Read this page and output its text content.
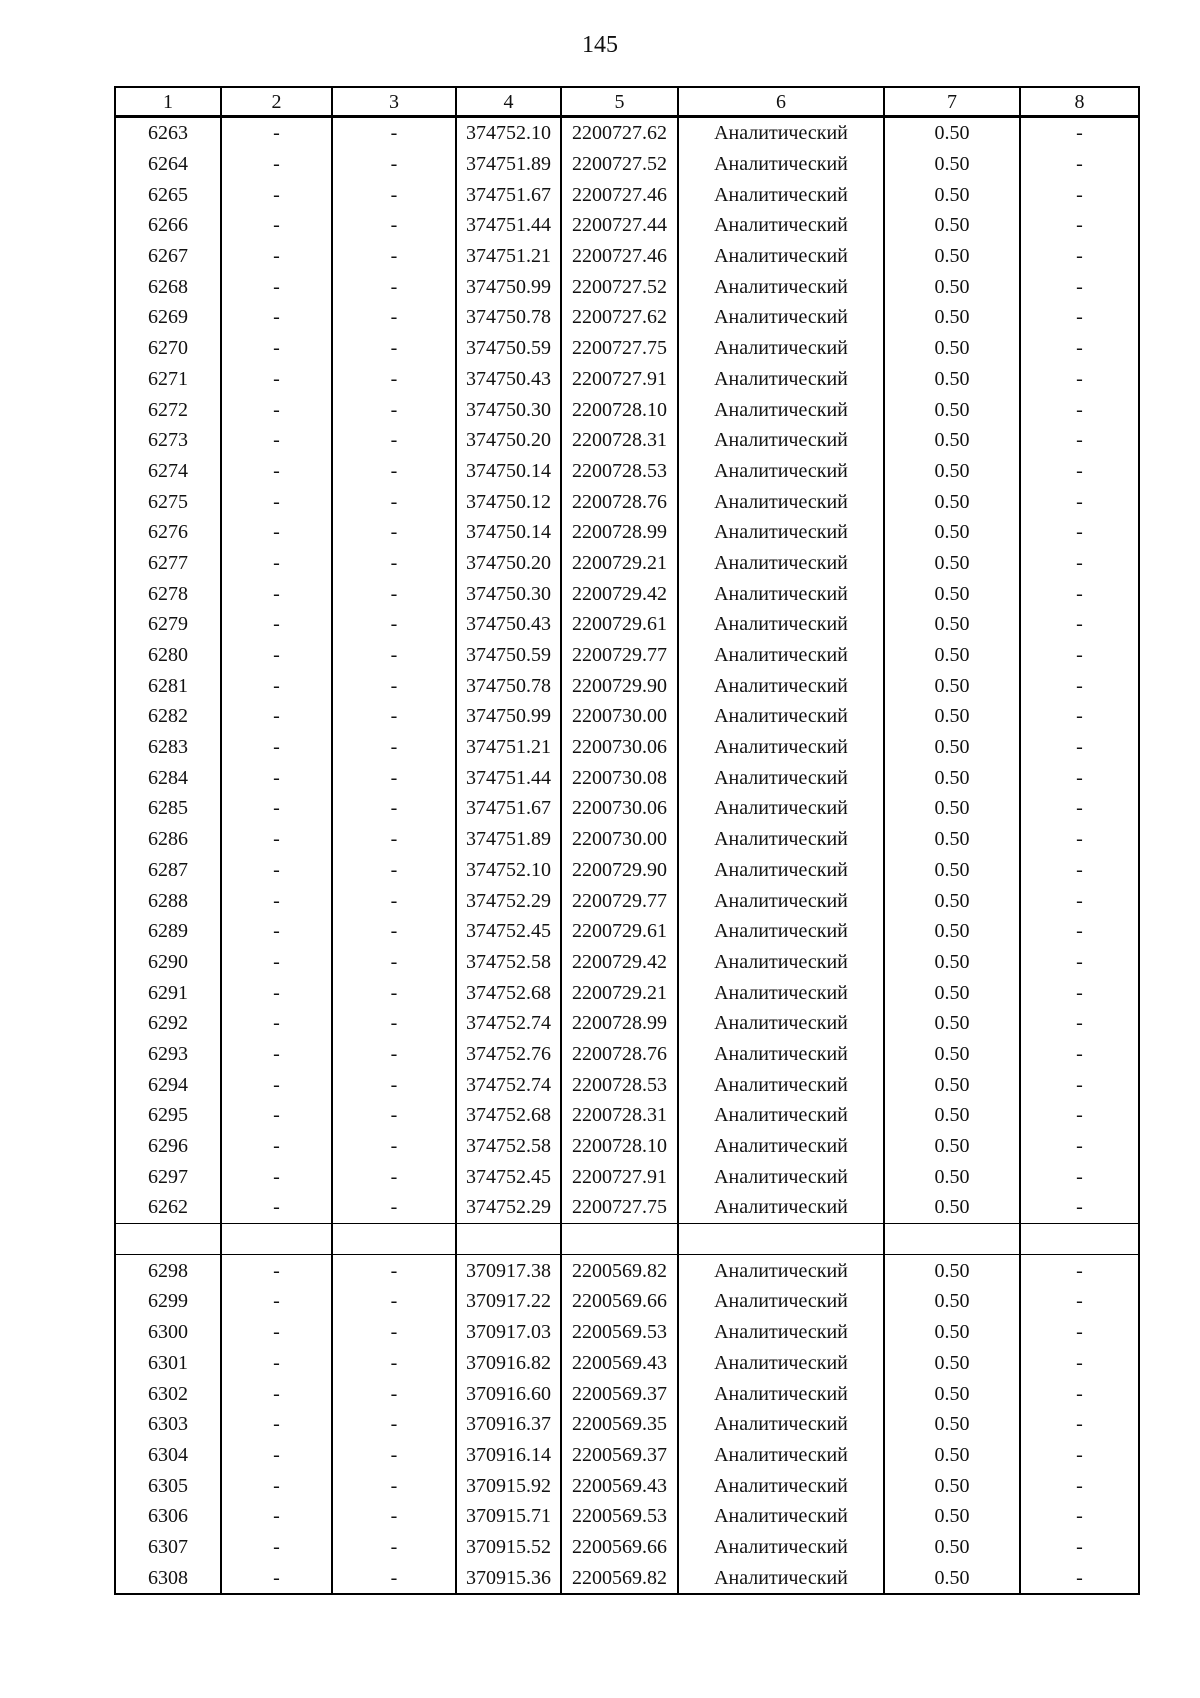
145
1	2	3	4	5	6	7	8
6263	-	-	374752.10	2200727.62	Аналитический	0.50	-
6264	-	-	374751.89	2200727.52	Аналитический	0.50	-
6265	-	-	374751.67	2200727.46	Аналитический	0.50	-
6266	-	-	374751.44	2200727.44	Аналитический	0.50	-
6267	-	-	374751.21	2200727.46	Аналитический	0.50	-
6268	-	-	374750.99	2200727.52	Аналитический	0.50	-
6269	-	-	374750.78	2200727.62	Аналитический	0.50	-
6270	-	-	374750.59	2200727.75	Аналитический	0.50	-
6271	-	-	374750.43	2200727.91	Аналитический	0.50	-
6272	-	-	374750.30	2200728.10	Аналитический	0.50	-
6273	-	-	374750.20	2200728.31	Аналитический	0.50	-
6274	-	-	374750.14	2200728.53	Аналитический	0.50	-
6275	-	-	374750.12	2200728.76	Аналитический	0.50	-
6276	-	-	374750.14	2200728.99	Аналитический	0.50	-
6277	-	-	374750.20	2200729.21	Аналитический	0.50	-
6278	-	-	374750.30	2200729.42	Аналитический	0.50	-
6279	-	-	374750.43	2200729.61	Аналитический	0.50	-
6280	-	-	374750.59	2200729.77	Аналитический	0.50	-
6281	-	-	374750.78	2200729.90	Аналитический	0.50	-
6282	-	-	374750.99	2200730.00	Аналитический	0.50	-
6283	-	-	374751.21	2200730.06	Аналитический	0.50	-
6284	-	-	374751.44	2200730.08	Аналитический	0.50	-
6285	-	-	374751.67	2200730.06	Аналитический	0.50	-
6286	-	-	374751.89	2200730.00	Аналитический	0.50	-
6287	-	-	374752.10	2200729.90	Аналитический	0.50	-
6288	-	-	374752.29	2200729.77	Аналитический	0.50	-
6289	-	-	374752.45	2200729.61	Аналитический	0.50	-
6290	-	-	374752.58	2200729.42	Аналитический	0.50	-
6291	-	-	374752.68	2200729.21	Аналитический	0.50	-
6292	-	-	374752.74	2200728.99	Аналитический	0.50	-
6293	-	-	374752.76	2200728.76	Аналитический	0.50	-
6294	-	-	374752.74	2200728.53	Аналитический	0.50	-
6295	-	-	374752.68	2200728.31	Аналитический	0.50	-
6296	-	-	374752.58	2200728.10	Аналитический	0.50	-
6297	-	-	374752.45	2200727.91	Аналитический	0.50	-
6262	-	-	374752.29	2200727.75	Аналитический	0.50	-

6298	-	-	370917.38	2200569.82	Аналитический	0.50	-
6299	-	-	370917.22	2200569.66	Аналитический	0.50	-
6300	-	-	370917.03	2200569.53	Аналитический	0.50	-
6301	-	-	370916.82	2200569.43	Аналитический	0.50	-
6302	-	-	370916.60	2200569.37	Аналитический	0.50	-
6303	-	-	370916.37	2200569.35	Аналитический	0.50	-
6304	-	-	370916.14	2200569.37	Аналитический	0.50	-
6305	-	-	370915.92	2200569.43	Аналитический	0.50	-
6306	-	-	370915.71	2200569.53	Аналитический	0.50	-
6307	-	-	370915.52	2200569.66	Аналитический	0.50	-
6308	-	-	370915.36	2200569.82	Аналитический	0.50	-
